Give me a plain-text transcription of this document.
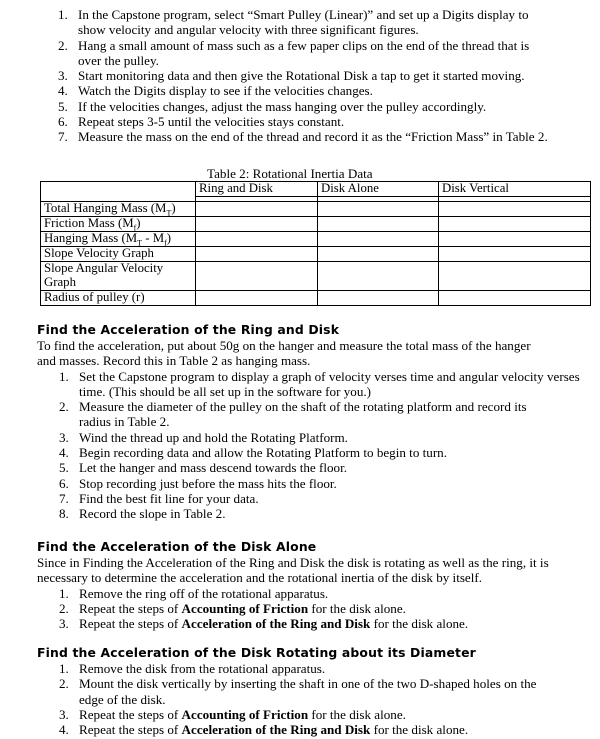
1. In the Capstone program, select “Smart Pulley (Linear)” and set up a Digits display to show velocity and angular velocity with three significant figures.
2. Hang a small amount of mass such as a few paper clips on the end of the thread that is over the pulley.
3. Start monitoring data and then give the Rotational Disk a tap to get it started moving.
4. Watch the Digits display to see if the velocities changes.
5. If the velocities changes, adjust the mass hanging over the pulley accordingly.
6. Repeat steps 3-5 until the velocities stays constant.
7. Measure the mass on the end of the thread and record it as the “Friction Mass” in Table 2.
Table 2: Rotational Inertia Data
	Ring and Disk	Disk Alone	Disk Vertical

Total Hanging Mass $(M_T)$			
Friction Mass $(M_f)$			
Hanging Mass $(M_T - M_f)$			
Slope Velocity Graph			
Slope Angular Velocity Graph			
Radius of pulley (r)			
Find the Acceleration of the Ring and Disk

To find the acceleration, put about 50g on the hanger and measure the total mass of the hanger and masses. Record this in Table 2 as hanging mass.

1. Set the Capstone program to display a graph of velocity verses time and angular velocity verses time. (This should be all set up in the software for you.)
2. Measure the diameter of the pulley on the shaft of the rotating platform and record its radius in Table 2.
3. Wind the thread up and hold the Rotating Platform.
4. Begin recording data and allow the Rotating Platform to begin to turn.
5. Let the hanger and mass descend towards the floor.
6. Stop recording just before the mass hits the floor.
7. Find the best fit line for your data.
8. Record the slope in Table 2.
Find the Acceleration of the Disk Alone

Since in Finding the Acceleration of the Ring and Disk the disk is rotating as well as the ring, it is necessary to determine the acceleration and the rotational inertia of the disk by itself.

1. Remove the ring off of the rotational apparatus.
2. Repeat the steps of Accounting of Friction for the disk alone.
3. Repeat the steps of Acceleration of the Ring and Disk for the disk alone.
Find the Acceleration of the Disk Rotating about its Diameter
1. Remove the disk from the rotational apparatus.
2. Mount the disk vertically by inserting the shaft in one of the two D-shaped holes on the edge of the disk.
3. Repeat the steps of Accounting of Friction for the disk alone.
4. Repeat the steps of Acceleration of the Ring and Disk for the disk alone.
